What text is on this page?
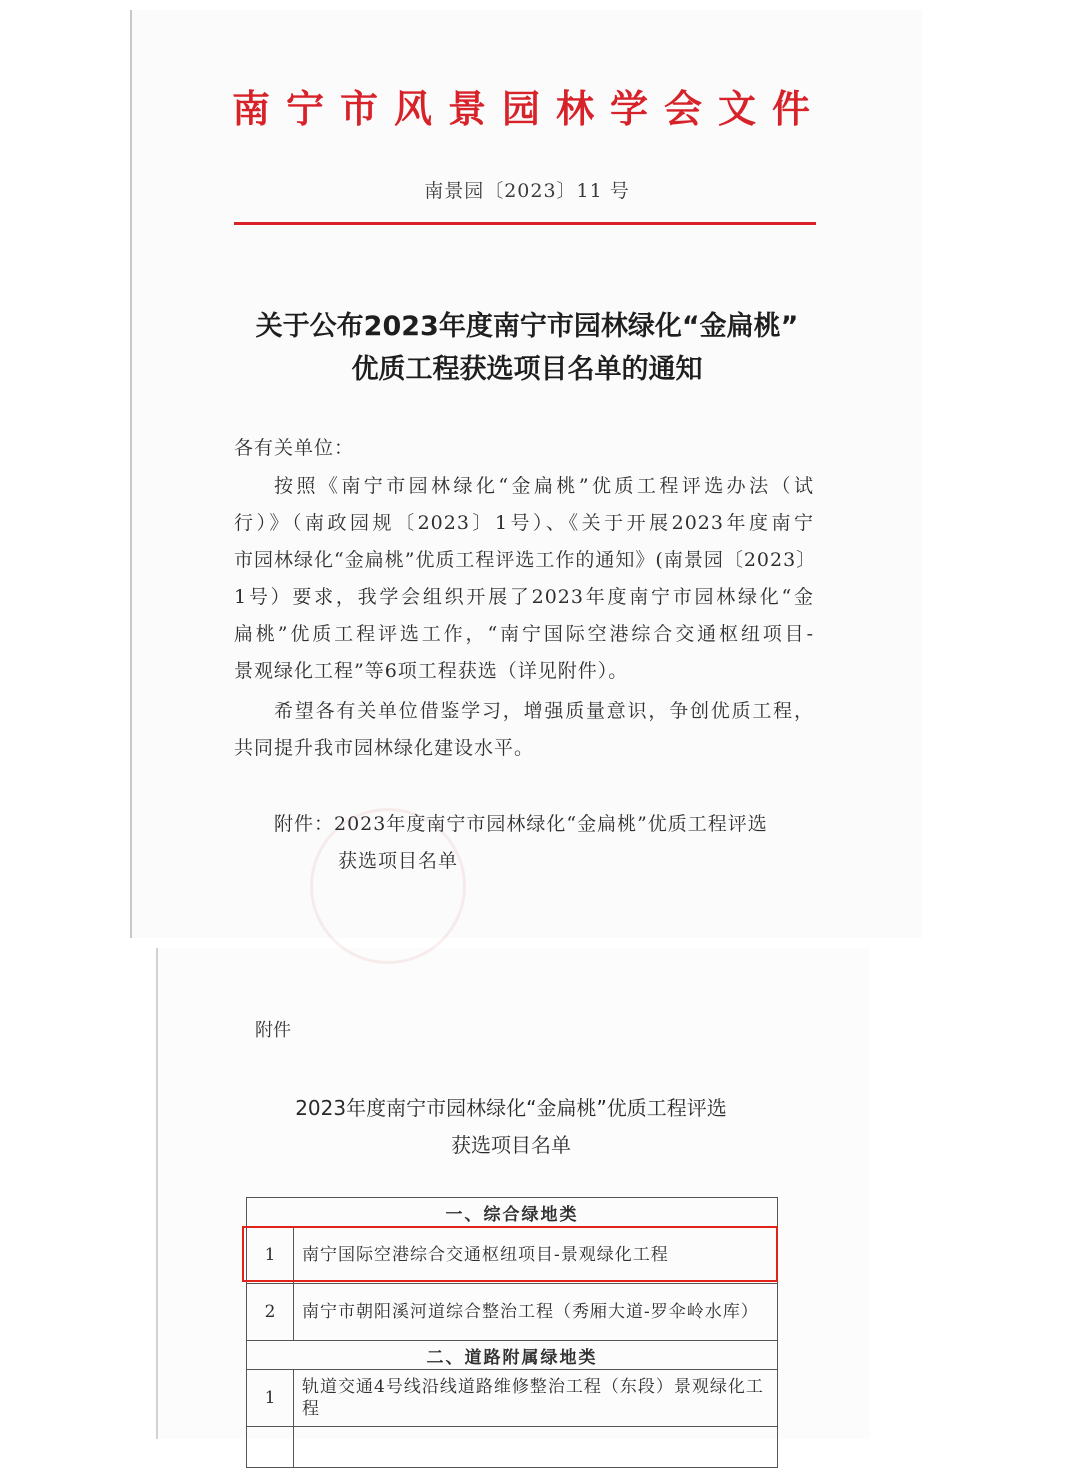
南宁市风景园林学会文件
南景园〔2023〕11 号
关于公布2023年度南宁市园林绿化“金扁桃”
优质工程获选项目名单的通知
各有关单位：
按照《南宁市园林绿化“金扁桃”优质工程评选办法（试
行）》（南政园规〔2023〕1号）、《关于开展2023年度南宁
市园林绿化“金扁桃”优质工程评选工作的通知》(南景园〔2023〕
1号）要求，我学会组织开展了2023年度南宁市园林绿化“金
扁桃”优质工程评选工作，“南宁国际空港综合交通枢纽项目-
景观绿化工程”等6项工程获选（详见附件）。
希望各有关单位借鉴学习，增强质量意识，争创优质工程，
共同提升我市园林绿化建设水平。
附件：2023年度南宁市园林绿化“金扁桃”优质工程评选
获选项目名单
附件
2023年度南宁市园林绿化“金扁桃”优质工程评选
获选项目名单
一、综合绿地类
1	南宁国际空港综合交通枢纽项目-景观绿化工程
2	南宁市朝阳溪河道综合整治工程（秀厢大道-罗伞岭水库）
二、道路附属绿地类
1
轨道交通4号线沿线道路维修整治工程（东段）景观绿化工
程
